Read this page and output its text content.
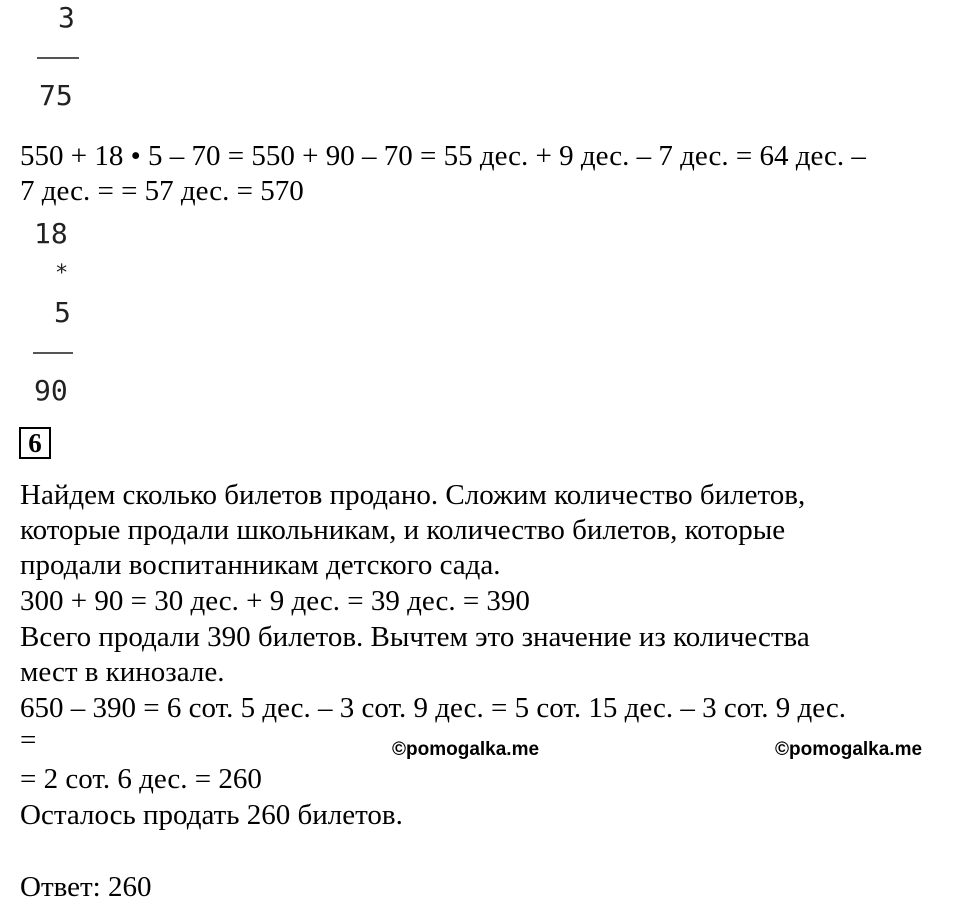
3
75
550 + 18 • 5 – 70 = 550 + 90 – 70 = 55 дес. + 9 дес. – 7 дес. = 64 дес. –
7 дес. = = 57 дес. = 570
18
*
5
90
6
Найдем сколько билетов продано. Сложим количество билетов,
которые продали школьникам, и количество билетов, которые
продали воспитанникам детского сада.
300 + 90 = 30 дес. + 9 дес. = 39 дес. = 390
Всего продали 390 билетов. Вычтем это значение из количества
мест в кинозале.
650 – 390 = 6 сот. 5 дес. – 3 сот. 9 дес. = 5 сот. 15 дес. – 3 сот. 9 дес.
=
= 2 сот. 6 дес. = 260
Осталось продать 260 билетов.
Ответ: 260
©pomogalka.me	©pomogalka.me
